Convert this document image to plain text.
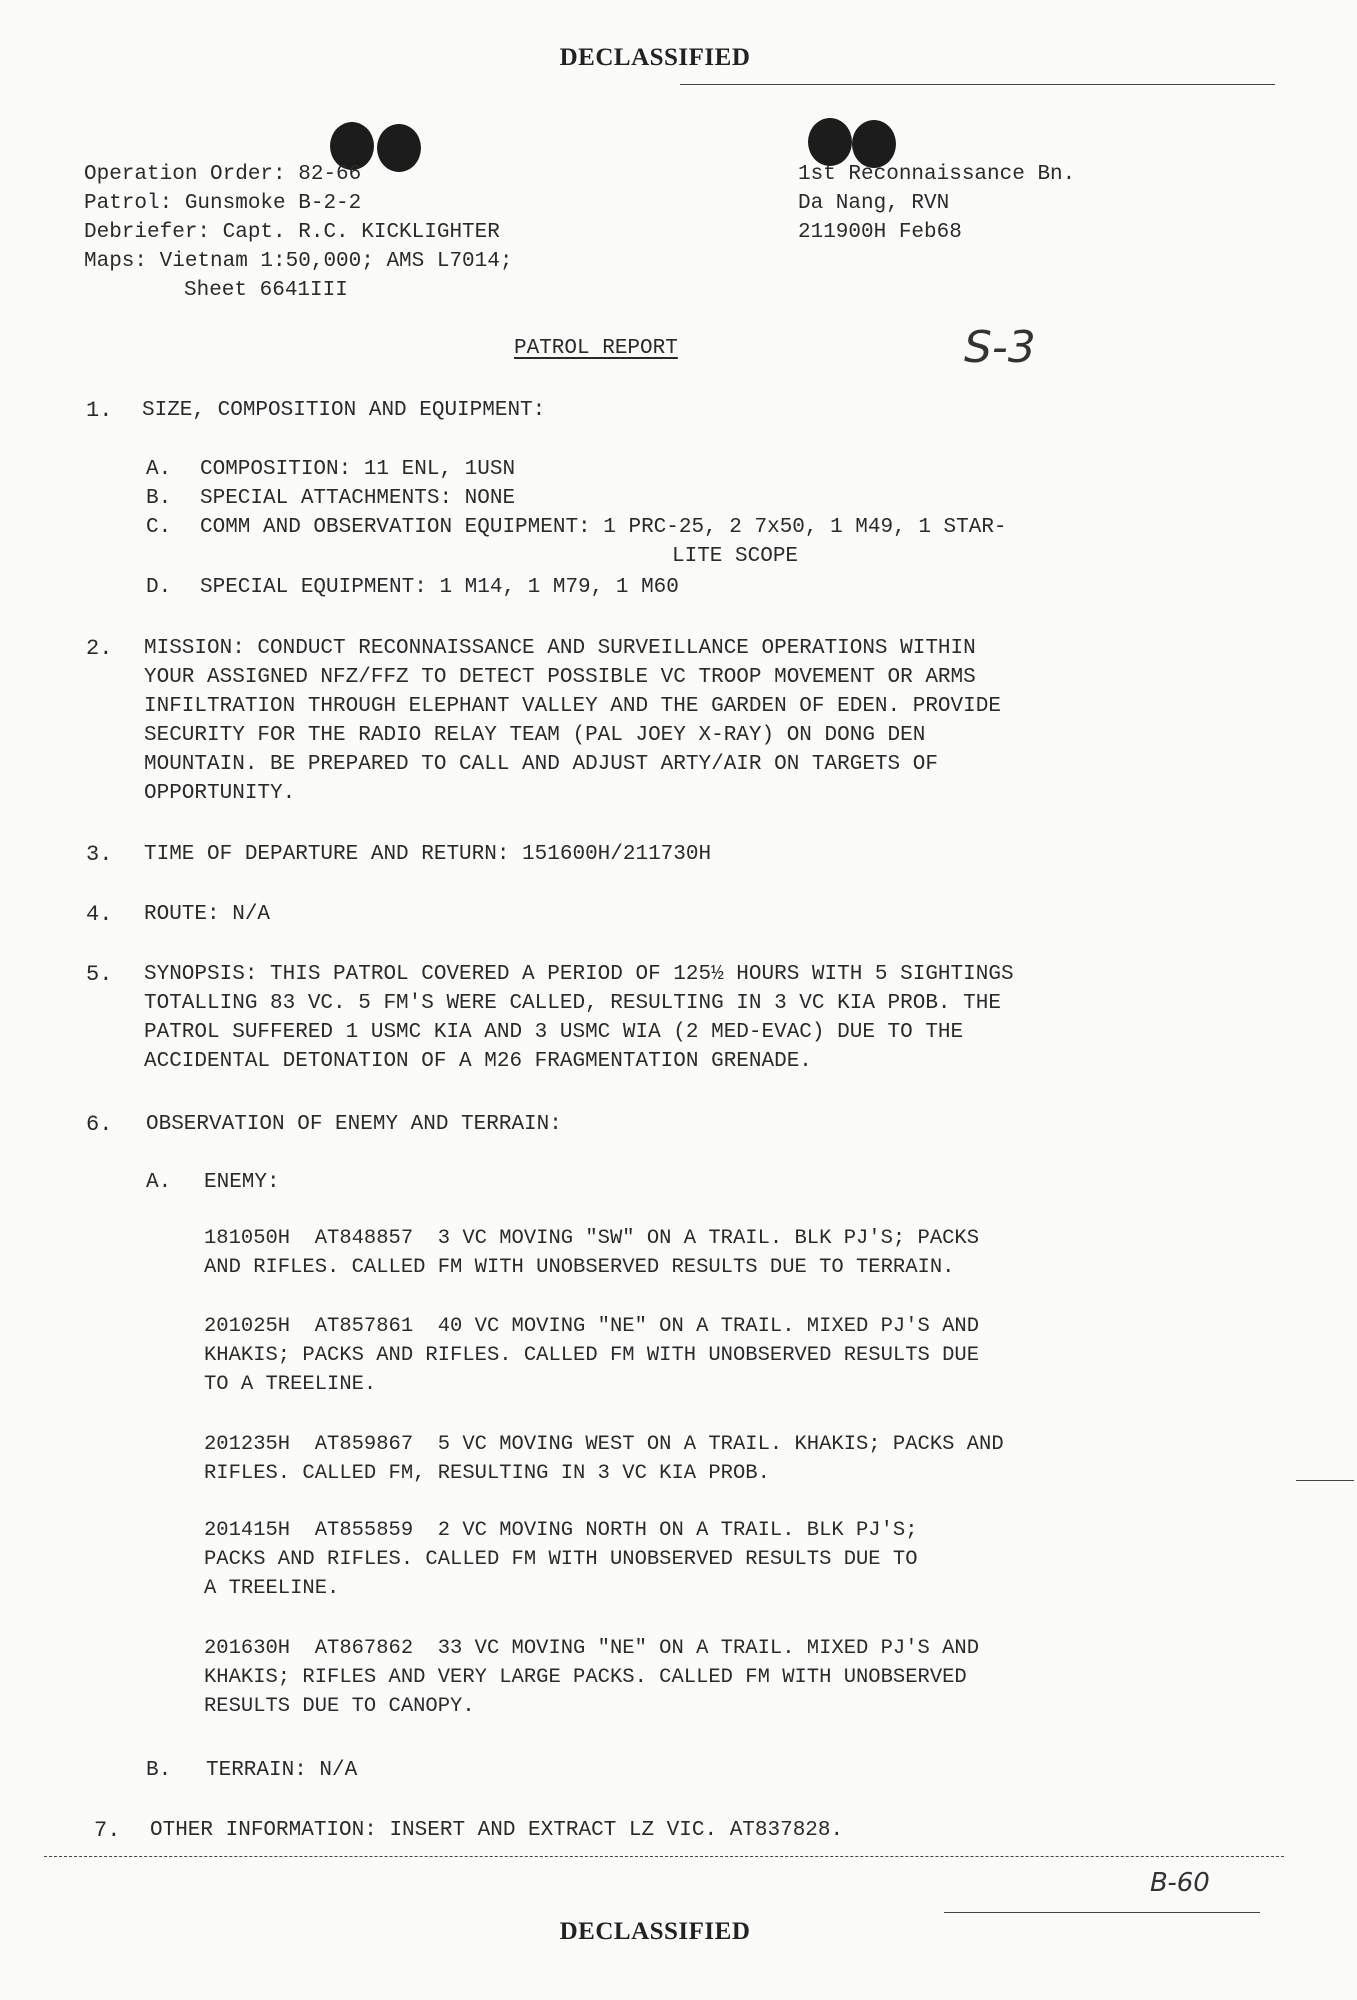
DECLASSIFIED
Operation Order: 82-66
Patrol: Gunsmoke B-2-2
Debriefer: Capt. R.C. KICKLIGHTER
Maps: Vietnam 1:50,000; AMS L7014;
Sheet 6641III
1st Reconnaissance Bn.
Da Nang, RVN
211900H Feb68
PATROL REPORT	S-3
1. SIZE, COMPOSITION AND EQUIPMENT:
A. COMPOSITION: 11 ENL, 1USN
B. SPECIAL ATTACHMENTS: NONE
C. COMM AND OBSERVATION EQUIPMENT: 1 PRC-25, 2 7x50, 1 M49, 1 STAR-
LITE SCOPE
D. SPECIAL EQUIPMENT: 1 M14, 1 M79, 1 M60
2. MISSION: CONDUCT RECONNAISSANCE AND SURVEILLANCE OPERATIONS WITHIN
YOUR ASSIGNED NFZ/FFZ TO DETECT POSSIBLE VC TROOP MOVEMENT OR ARMS
INFILTRATION THROUGH ELEPHANT VALLEY AND THE GARDEN OF EDEN. PROVIDE
SECURITY FOR THE RADIO RELAY TEAM (PAL JOEY X-RAY) ON DONG DEN
MOUNTAIN. BE PREPARED TO CALL AND ADJUST ARTY/AIR ON TARGETS OF
OPPORTUNITY.
3. TIME OF DEPARTURE AND RETURN: 151600H/211730H
4. ROUTE: N/A
5. SYNOPSIS: THIS PATROL COVERED A PERIOD OF 125½ HOURS WITH 5 SIGHTINGS
TOTALLING 83 VC. 5 FM'S WERE CALLED, RESULTING IN 3 VC KIA PROB. THE
PATROL SUFFERED 1 USMC KIA AND 3 USMC WIA (2 MED-EVAC) DUE TO THE
ACCIDENTAL DETONATION OF A M26 FRAGMENTATION GRENADE.
6. OBSERVATION OF ENEMY AND TERRAIN:
A. ENEMY:
181050H  AT848857  3 VC MOVING "SW" ON A TRAIL. BLK PJ'S; PACKS
AND RIFLES. CALLED FM WITH UNOBSERVED RESULTS DUE TO TERRAIN.
201025H  AT857861  40 VC MOVING "NE" ON A TRAIL. MIXED PJ'S AND
KHAKIS; PACKS AND RIFLES. CALLED FM WITH UNOBSERVED RESULTS DUE
TO A TREELINE.
201235H  AT859867  5 VC MOVING WEST ON A TRAIL. KHAKIS; PACKS AND
RIFLES. CALLED FM, RESULTING IN 3 VC KIA PROB.
201415H  AT855859  2 VC MOVING NORTH ON A TRAIL. BLK PJ'S;
PACKS AND RIFLES. CALLED FM WITH UNOBSERVED RESULTS DUE TO
A TREELINE.
201630H  AT867862  33 VC MOVING "NE" ON A TRAIL. MIXED PJ'S AND
KHAKIS; RIFLES AND VERY LARGE PACKS. CALLED FM WITH UNOBSERVED
RESULTS DUE TO CANOPY.
B. TERRAIN: N/A
7. OTHER INFORMATION: INSERT AND EXTRACT LZ VIC. AT837828.
B-60
DECLASSIFIED
